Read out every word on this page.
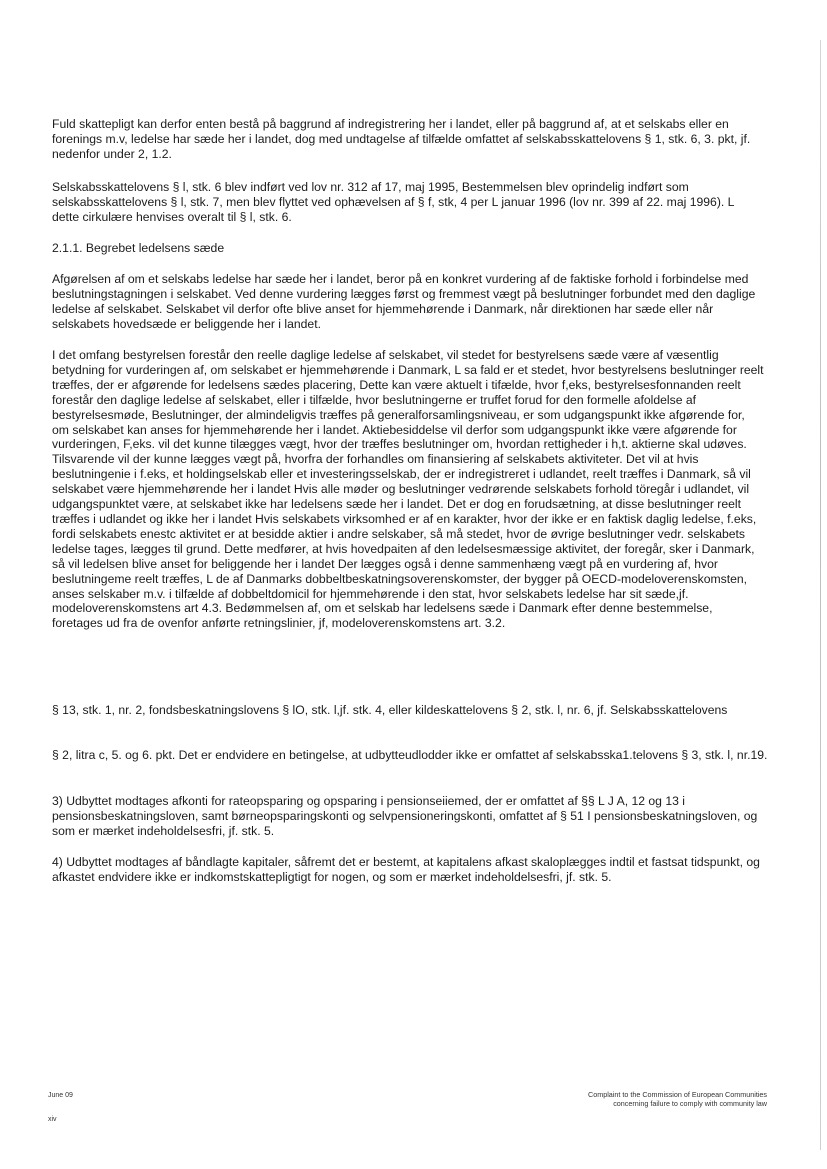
Fuld skattepligt kan derfor enten bestå på baggrund af indregistrering her i landet, eller på baggrund af, at et selskabs eller en forenings m.v, ledelse har sæde her i landet, dog med undtagelse af tilfælde omfattet af selskabsskattelovens § 1, stk. 6, 3. pkt, jf. nedenfor under 2, 1.2.

Selskabsskattelovens § l, stk. 6 blev indført ved lov nr. 312 af 17, maj 1995, Bestemmelsen blev oprindelig indført som selskabsskattelovens § l, stk. 7, men blev flyttet ved ophævelsen af § f, stk, 4 per L januar 1996 (lov nr. 399 af 22. maj 1996). L dette cirkulære henvises overalt til § l, stk. 6.

2.1.1. Begrebet ledelsens sæde

Afgørelsen af om et selskabs ledelse har sæde her i landet, beror på en konkret vurdering af de faktiske forhold i forbindelse med beslutningstagningen i selskabet. Ved denne vurdering lægges først og fremmest vægt på beslutninger forbundet med den daglige ledelse af selskabet. Selskabet vil derfor ofte blive anset for hjemmehørende i Danmark, når direktionen har sæde eller når selskabets hovedsæde er beliggende her i landet.

I det omfang bestyrelsen forestår den reelle daglige ledelse af selskabet, vil stedet for bestyrelsens sæde være af væsentlig betydning for vurderingen af, om selskabet er hjemmehørende i Danmark, L sa fald er et stedet, hvor bestyrelsens beslutninger reelt træffes, der er afgørende for ledelsens sædes placering, Dette kan være aktuelt i tifælde, hvor f,eks, bestyrelsesfonnanden reelt forestår den daglige ledelse af selskabet, eller i tilfælde, hvor beslutningerne er truffet forud for den formelle afoldelse af bestyrelsesmøde, Beslutninger, der almindeligvis træffes på generalforsamlingsniveau, er som udgangspunkt ikke afgørende for, om selskabet kan anses for hjemmehørende her i landet. Aktiebesiddelse vil derfor som udgangspunkt ikke være afgørende for vurderingen, F,eks. vil det kunne tilægges vægt, hvor der træffes beslutninger om, hvordan rettigheder i h,t. aktierne skal udøves. Tilsvarende vil der kunne lægges vægt på, hvorfra der forhandles om finansiering af selskabets aktiviteter. Det vil at hvis beslutningenie i f.eks, et holdingselskab eller et investeringsselskab, der er indregistreret i udlandet, reelt træffes i Danmark, så vil selskabet være hjemmehørende her i landet Hvis alle møder og beslutninger vedrørende selskabets forhold töregår i udlandet, vil udgangspunktet være, at selskabet ikke har ledelsens sæde her i landet. Det er dog en forudsætning, at disse beslutninger reelt træffes i udlandet og ikke her i landet Hvis selskabets virksomhed er af en karakter, hvor der ikke er en faktisk daglig ledelse, f.eks, fordi selskabets enestc aktivitet er at besidde aktier i andre selskaber, så må stedet, hvor de øvrige beslutninger vedr. selskabets ledelse tages, lægges til grund. Dette medfører, at hvis hovedpaiten af den ledelsesmæssige aktivitet, der foregår, sker i Danmark, så vil ledelsen blive anset for beliggende her i landet Der lægges også i denne sammenhæng vægt på en vurdering af, hvor beslutningeme reelt træffes, L de af Danmarks dobbeltbeskatningsoverenskomster, der bygger på OECD-modeloverenskomsten, anses selskaber m.v. i tilfælde af dobbeltdomicil for hjemmehørende i den stat, hvor selskabets ledelse har sit sæde,jf. modeloverenskomstens art 4.3. Bedømmelsen af, om et selskab har ledelsens sæde i Danmark efter denne bestemmelse, foretages ud fra de ovenfor anførte retningslinier, jf, modeloverenskomstens art. 3.2.

§ 13, stk. 1, nr. 2, fondsbeskatningslovens § lO, stk. l,jf. stk. 4, eller kildeskattelovens § 2, stk. l, nr. 6, jf. Selskabsskattelovens

§ 2, litra c, 5. og 6. pkt. Det er endvidere en betingelse, at udbytteudlodder ikke er omfattet af selskabsska1.telovens § 3, stk. l, nr.19.

3) Udbyttet modtages afkonti for rateopsparing og opsparing i pensionseiiemed, der er omfattet af §§ L J A, 12 og 13 i pensionsbeskatningsloven, samt børneopsparingskonti og selvpensioneringskonti, omfattet af § 51 I pensionsbeskatningsloven, og som er mærket indeholdelsesfri, jf. stk. 5.

4) Udbyttet modtages af båndlagte kapitaler, såfremt det er bestemt, at kapitalens afkast skaloplægges indtil et fastsat tidspunkt, og afkastet endvidere ikke er indkomstskattepligtigt for nogen, og som er mærket indeholdelsesfri, jf. stk. 5.

June 09
xiv
Complaint to the Commission of European Communities
concerning failure to comply with community law
